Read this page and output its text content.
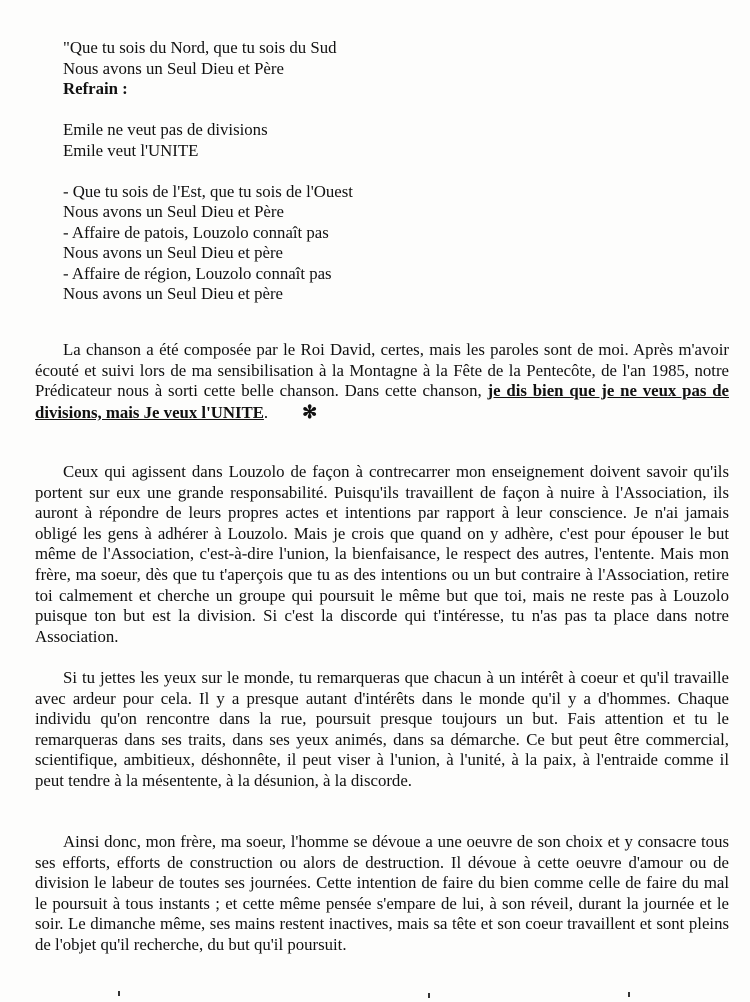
"Que tu sois du Nord, que tu sois du Sud
Nous avons un Seul Dieu et Père
Refrain :
Emile ne veut pas de divisions
Emile veut l'UNITE
- Que tu sois de l'Est, que tu sois de l'Ouest
Nous avons un Seul Dieu et Père
- Affaire de patois, Louzolo connaît pas
Nous avons un Seul Dieu et père
- Affaire de région, Louzolo connaît pas
Nous avons un Seul Dieu et père

La chanson a été composée par le Roi David, certes, mais les paroles sont de moi. Après m'avoir écouté et suivi lors de ma sensibilisation à la Montagne à la Fête de la Pentecôte, de l'an 1985, notre Prédicateur nous à sorti cette belle chanson. Dans cette chanson, je dis bien que je ne veux pas de divisions, mais Je veux l'UNITE. ✻

Ceux qui agissent dans Louzolo de façon à contrecarrer mon enseignement doivent savoir qu'ils portent sur eux une grande responsabilité. Puisqu'ils travaillent de façon à nuire à l'Association, ils auront à répondre de leurs propres actes et intentions par rapport à leur conscience. Je n'ai jamais obligé les gens à adhérer à Louzolo. Mais je crois que quand on y adhère, c'est pour épouser le but même de l'Association, c'est-à-dire l'union, la bienfaisance, le respect des autres, l'entente. Mais mon frère, ma soeur, dès que tu t'aperçois que tu as des intentions ou un but contraire à l'Association, retire toi calmement et cherche un groupe qui poursuit le même but que toi, mais ne reste pas à Louzolo puisque ton but est la division. Si c'est la discorde qui t'intéresse, tu n'as pas ta place dans notre Association.

Si tu jettes les yeux sur le monde, tu remarqueras que chacun à un intérêt à coeur et qu'il travaille avec ardeur pour cela. Il y a presque autant d'intérêts dans le monde qu'il y a d'hommes. Chaque individu qu'on rencontre dans la rue, poursuit presque toujours un but. Fais attention et tu le remarqueras dans ses traits, dans ses yeux animés, dans sa démarche. Ce but peut être commercial, scientifique, ambitieux, déshonnête, il peut viser à l'union, à l'unité, à la paix, à l'entraide comme il peut tendre à la mésentente, à la désunion, à la discorde.

Ainsi donc, mon frère, ma soeur, l'homme se dévoue a une oeuvre de son choix et y consacre tous ses efforts, efforts de construction ou alors de destruction. Il dévoue à cette oeuvre d'amour ou de division le labeur de toutes ses journées. Cette intention de faire du bien comme celle de faire du mal le poursuit à tous instants ; et cette même pensée s'empare de lui, à son réveil, durant la journée et le soir. Le dimanche même, ses mains restent inactives, mais sa tête et son coeur travaillent et sont pleins de l'objet qu'il recherche, du but qu'il poursuit.
